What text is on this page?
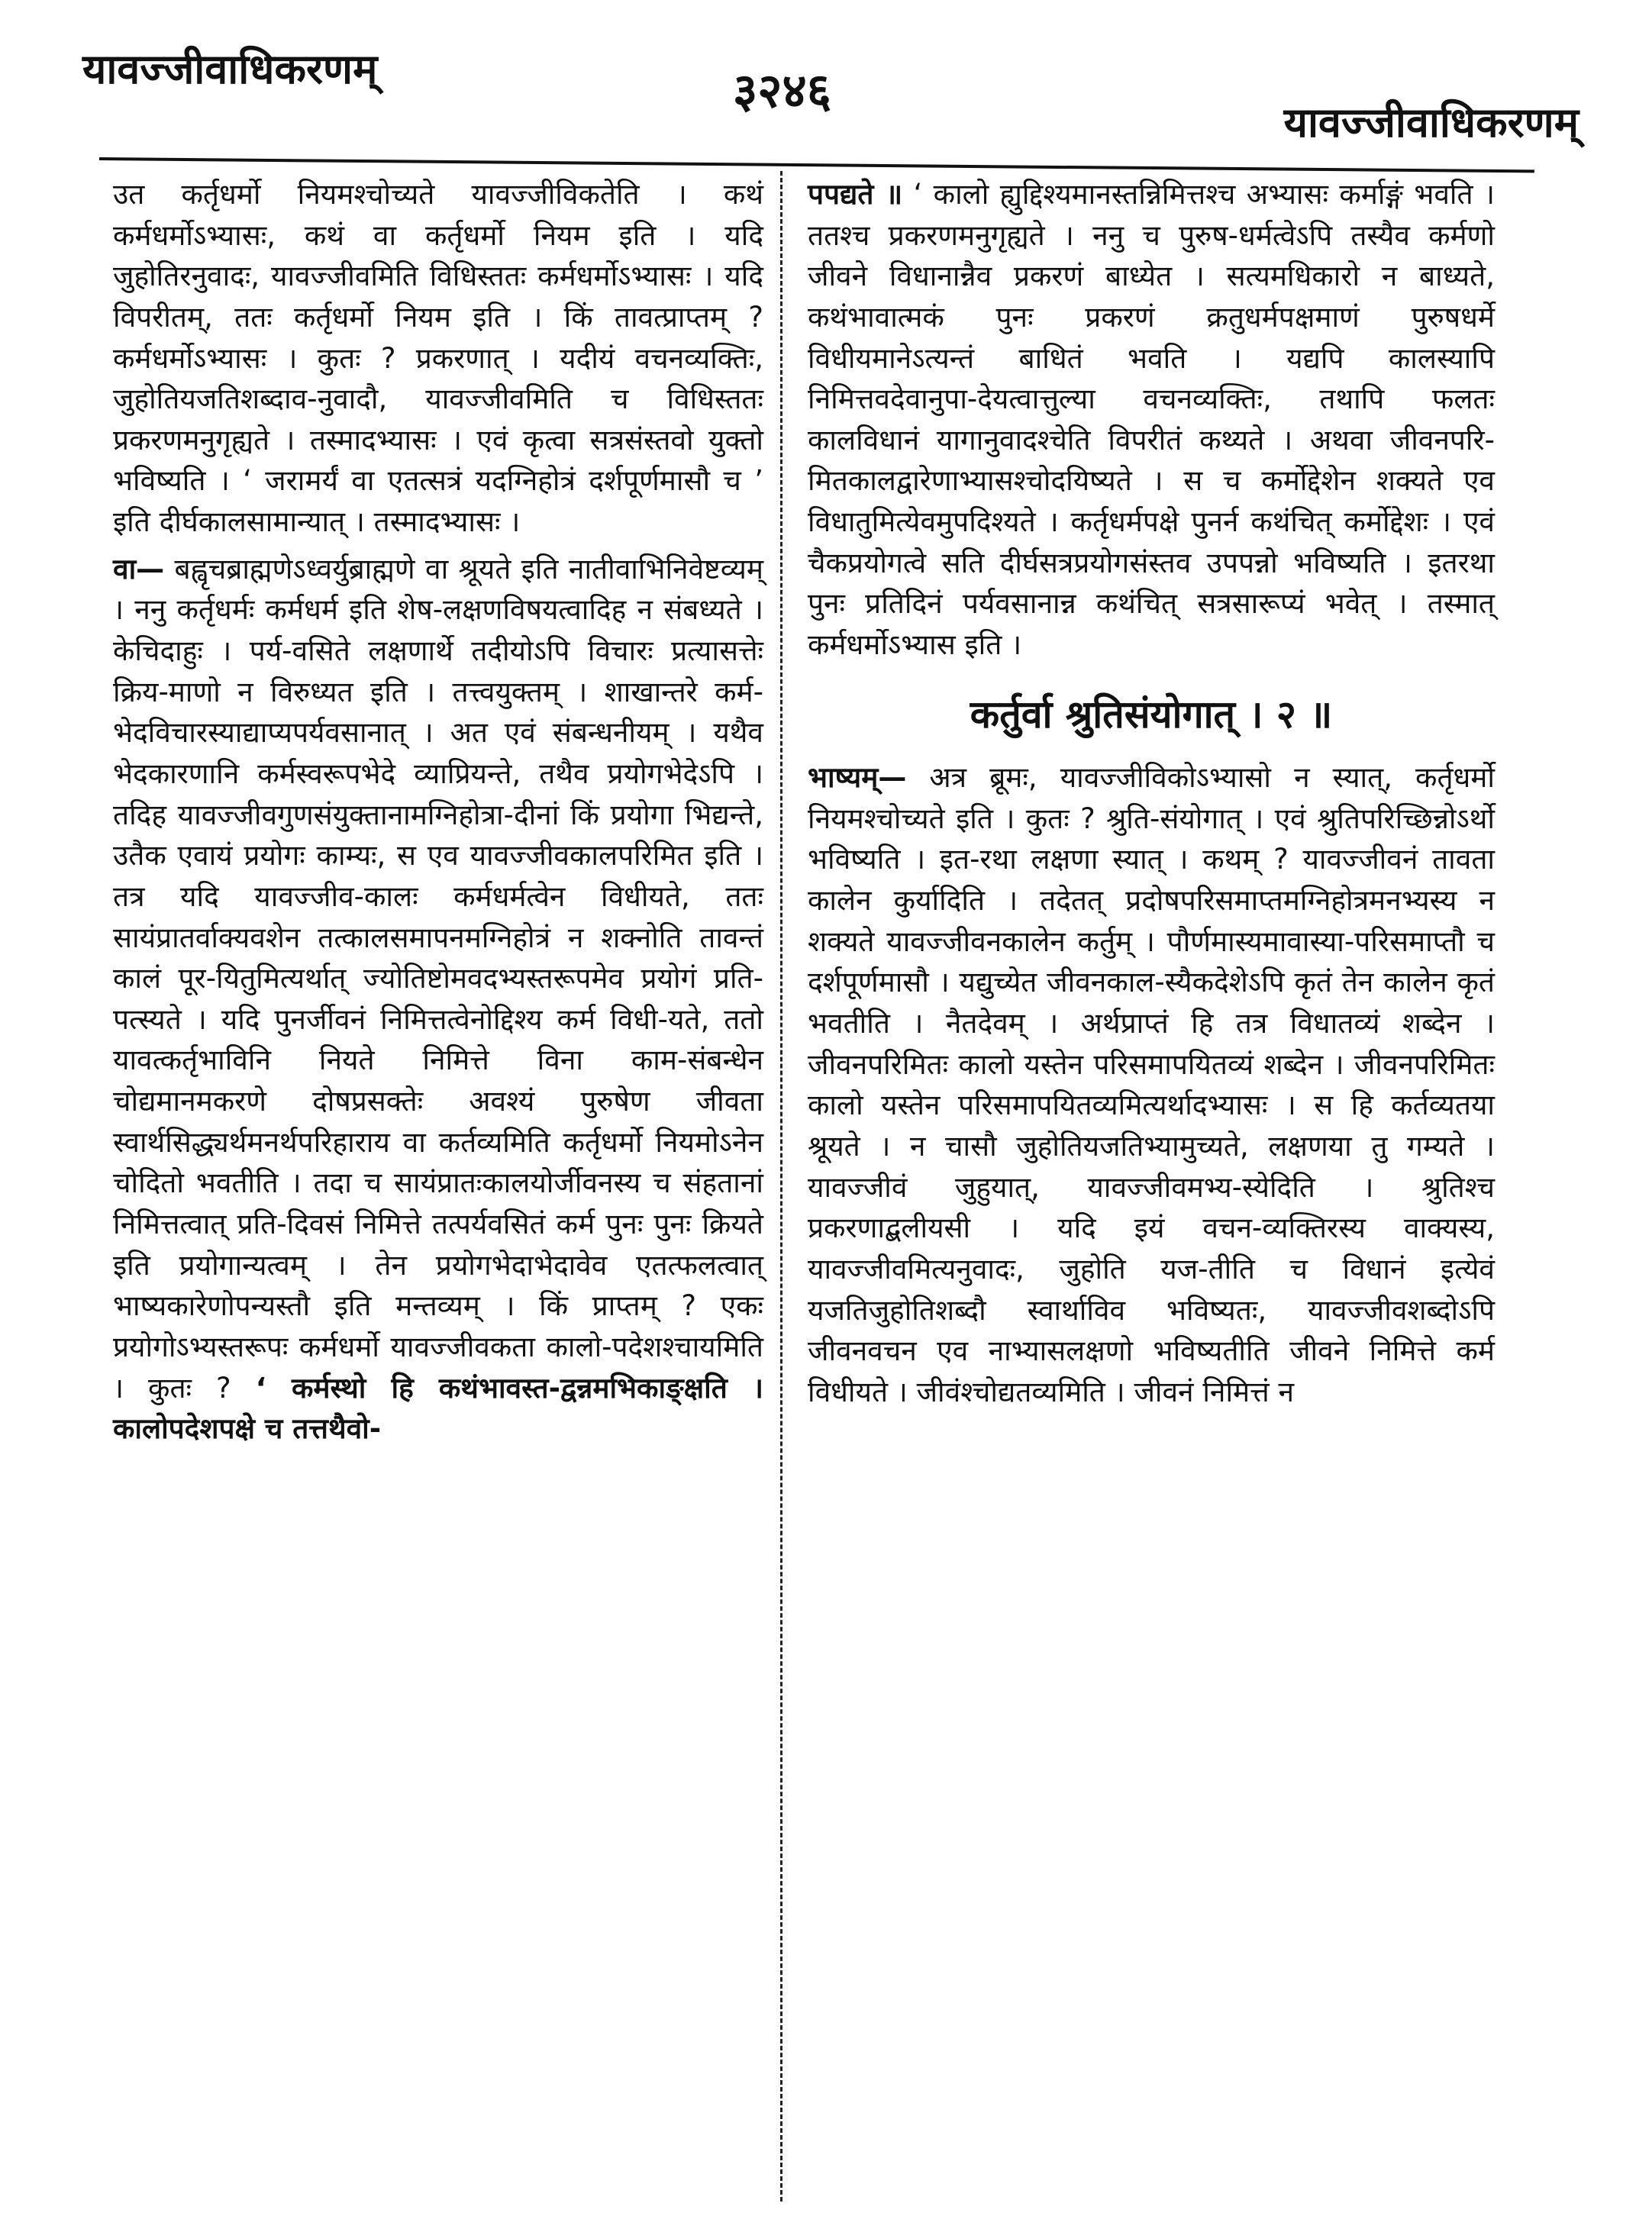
यावज्जीवाधिकरणम्	३२४६
यावज्जीवाधिकरणम्

उत कर्तृधर्मो नियमश्चोच्यते यावज्जीविकतेति । कथं कर्मधर्मोऽभ्यासः, कथं वा कर्तृधर्मो नियम इति । यदि जुहोतिरनुवादः, यावज्जीवमिति विधिस्ततः कर्मधर्मोऽभ्यासः । यदि विपरीतम्, ततः कर्तृधर्मो नियम इति । किं तावत्प्राप्तम् ? कर्मधर्मोऽभ्यासः । कुतः ? प्रकरणात् । यदीयं वचनव्यक्तिः, जुहोतियजतिशब्दाव-नुवादौ, यावज्जीवमिति च विधिस्ततः प्रकरणमनुगृह्यते । तस्मादभ्यासः । एवं कृत्वा सत्रसंस्तवो युक्तो भविष्यति । ‘ जरामर्यं वा एतत्सत्रं यदग्निहोत्रं दर्शपूर्णमासौ च ’ इति दीर्घकालसामान्यात् । तस्मादभ्यासः ।

वा— बह्वृचब्राह्मणेऽध्वर्युब्राह्मणे वा श्रूयते इति नातीवाभिनिवेष्टव्यम् । ननु कर्तृधर्मः कर्मधर्म इति शेष-लक्षणविषयत्वादिह न संबध्यते । केचिदाहुः । पर्य-वसिते लक्षणार्थे तदीयोऽपि विचारः प्रत्यासत्तेः क्रिय-माणो न विरुध्यत इति । तत्त्वयुक्तम् । शाखान्तरे कर्म-भेदविचारस्याद्याप्यपर्यवसानात् । अत एवं संबन्धनीयम् । यथैव भेदकारणानि कर्मस्वरूपभेदे व्याप्रियन्ते, तथैव प्रयोगभेदेऽपि । तदिह यावज्जीवगुणसंयुक्तानामग्निहोत्रा-दीनां किं प्रयोगा भिद्यन्ते, उतैक एवायं प्रयोगः काम्यः, स एव यावज्जीवकालपरिमित इति । तत्र यदि यावज्जीव-कालः कर्मधर्मत्वेन विधीयते, ततः सायंप्रातर्वाक्यवशेन तत्कालसमापनमग्निहोत्रं न शक्नोति तावन्तं कालं पूर-यितुमित्यर्थात् ज्योतिष्टोमवदभ्यस्तरूपमेव प्रयोगं प्रति-पत्स्यते । यदि पुनर्जीवनं निमित्तत्वेनोद्दिश्य कर्म विधी-यते, ततो यावत्कर्तृभाविनि नियते निमित्ते विना काम-संबन्धेन चोद्यमानमकरणे दोषप्रसक्तेः अवश्यं पुरुषेण जीवता स्वार्थसिद्ध्यर्थमनर्थपरिहाराय वा कर्तव्यमिति कर्तृधर्मो नियमोऽनेन चोदितो भवतीति । तदा च सायंप्रातःकालयोर्जीवनस्य च संहतानां निमित्तत्वात् प्रति-दिवसं निमित्ते तत्पर्यवसितं कर्म पुनः पुनः क्रियते इति प्रयोगान्यत्वम् । तेन प्रयोगभेदाभेदावेव एतत्फलत्वात् भाष्यकारेणोपन्यस्तौ इति मन्तव्यम् । किं प्राप्तम् ? एकः प्रयोगोऽभ्यस्तरूपः कर्मधर्मो यावज्जीवकता कालो-पदेशश्चायमिति । कुतः ? ‘ कर्मस्थो हि कथंभावस्त-द्वन्नमभिकाङ्क्षति । कालोपदेशपक्षे च तत्तथैवो-

पपद्यते ॥ ‘ कालो ह्युद्दिश्यमानस्तन्निमित्तश्च अभ्यासः कर्माङ्गं भवति । ततश्च प्रकरणमनुगृह्यते । ननु च पुरुष-धर्मत्वेऽपि तस्यैव कर्मणो जीवने विधानान्नैव प्रकरणं बाध्येत । सत्यमधिकारो न बाध्यते, कथंभावात्मकं पुनः प्रकरणं क्रतुधर्मपक्षमाणं पुरुषधर्मे विधीयमानेऽत्यन्तं बाधितं भवति । यद्यपि कालस्यापि निमित्तवदेवानुपा-देयत्वात्तुल्या वचनव्यक्तिः, तथापि फलतः कालविधानं यागानुवादश्चेति विपरीतं कथ्यते । अथवा जीवनपरि-मितकालद्वारेणाभ्यासश्चोदयिष्यते । स च कर्मोद्देशेन शक्यते एव विधातुमित्येवमुपदिश्यते । कर्तृधर्मपक्षे पुनर्न कथंचित् कर्मोद्देशः । एवं चैकप्रयोगत्वे सति दीर्घसत्रप्रयोगसंस्तव उपपन्नो भविष्यति । इतरथा पुनः प्रतिदिनं पर्यवसानान्न कथंचित् सत्रसारूप्यं भवेत् । तस्मात् कर्मधर्मोऽभ्यास इति ।

कर्तुर्वा श्रुतिसंयोगात् । २ ॥

भाष्यम्— अत्र ब्रूमः, यावज्जीविकोऽभ्यासो न स्यात्, कर्तृधर्मो नियमश्चोच्यते इति । कुतः ? श्रुति-संयोगात् । एवं श्रुतिपरिच्छिन्नोऽर्थो भविष्यति । इत-रथा लक्षणा स्यात् । कथम् ? यावज्जीवनं तावता कालेन कुर्यादिति । तदेतत् प्रदोषपरिसमाप्तमग्निहोत्रमनभ्यस्य न शक्यते यावज्जीवनकालेन कर्तुम् । पौर्णमास्यमावास्या-परिसमाप्तौ च दर्शपूर्णमासौ । यद्युच्येत जीवनकाल-स्यैकदेशेऽपि कृतं तेन कालेन कृतं भवतीति । नैतदेवम् । अर्थप्राप्तं हि तत्र विधातव्यं शब्देन । जीवनपरिमितः कालो यस्तेन परिसमापयितव्यं शब्देन । जीवनपरिमितः कालो यस्तेन परिसमापयितव्यमित्यर्थादभ्यासः । स हि कर्तव्यतया श्रूयते । न चासौ जुहोतियजतिभ्यामुच्यते, लक्षणया तु गम्यते । यावज्जीवं जुहुयात्, यावज्जीवमभ्य-स्येदिति । श्रुतिश्च प्रकरणाद्बलीयसी । यदि इयं वचन-व्यक्तिरस्य वाक्यस्य, यावज्जीवमित्यनुवादः, जुहोति यज-तीति च विधानं इत्येवं यजतिजुहोतिशब्दौ स्वार्थाविव भविष्यतः, यावज्जीवशब्दोऽपि जीवनवचन एव नाभ्यासलक्षणो भविष्यतीति जीवने निमित्ते कर्म विधीयते । जीवंश्चोद्यतव्यमिति । जीवनं निमित्तं न
